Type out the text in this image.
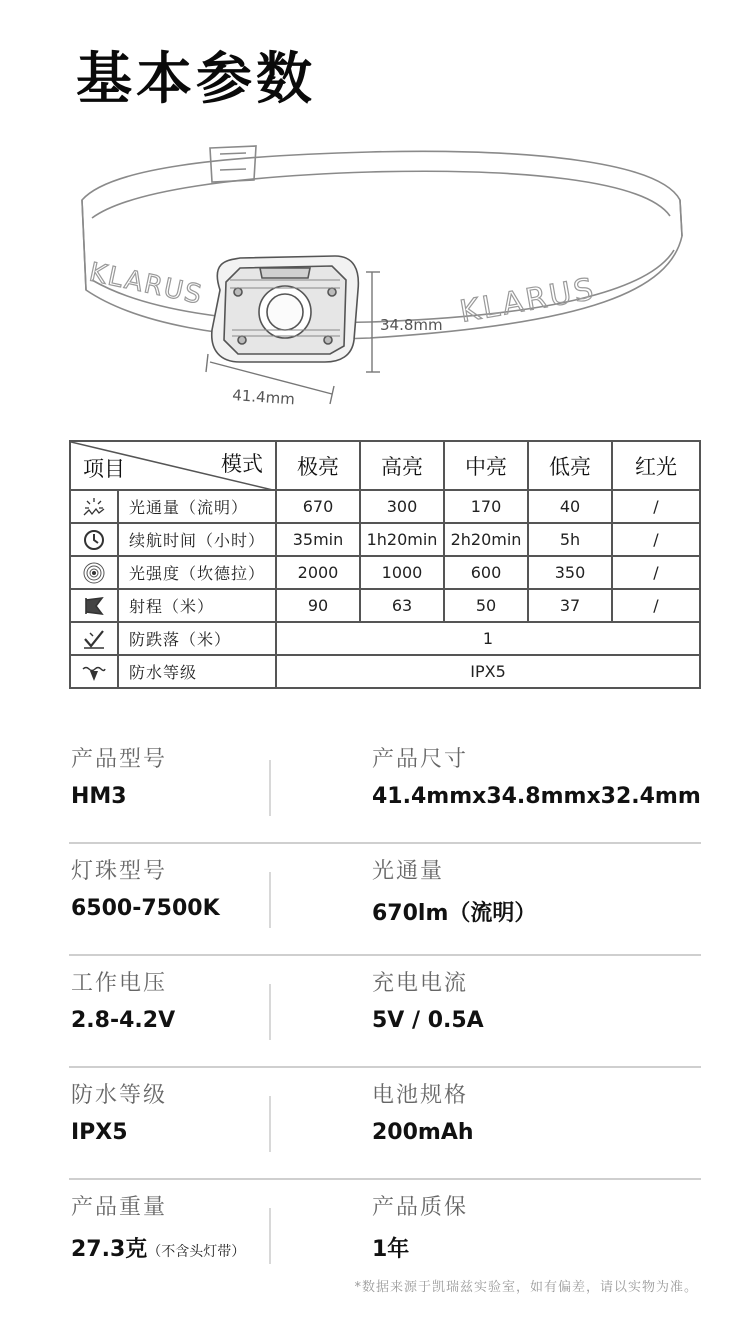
基本参数
KLARUS	KLARUS
34.8mm
41.4mm
模式
项目		极亮	高亮	中亮	低亮	红光
	光通量（流明）	670	300	170	40	/
	续航时间（小时）	35min	1h20min	2h20min	5h	/
	光强度（坎德拉）	2000	1000	600	350	/
	射程（米）	90	63	50	37	/
	防跌落（米）	1				
	防水等级	IPX5				
产品型号
HM3
产品尺寸
41.4mmx34.8mmx32.4mm
灯珠型号
6500-7500K
光通量
670lm（流明）
工作电压
2.8-4.2V
充电电流
5V / 0.5A
防水等级
IPX5
电池规格
200mAh
产品重量
27.3克（不含头灯带）
产品质保
1年
*数据来源于凯瑞兹实验室，如有偏差，请以实物为准。
